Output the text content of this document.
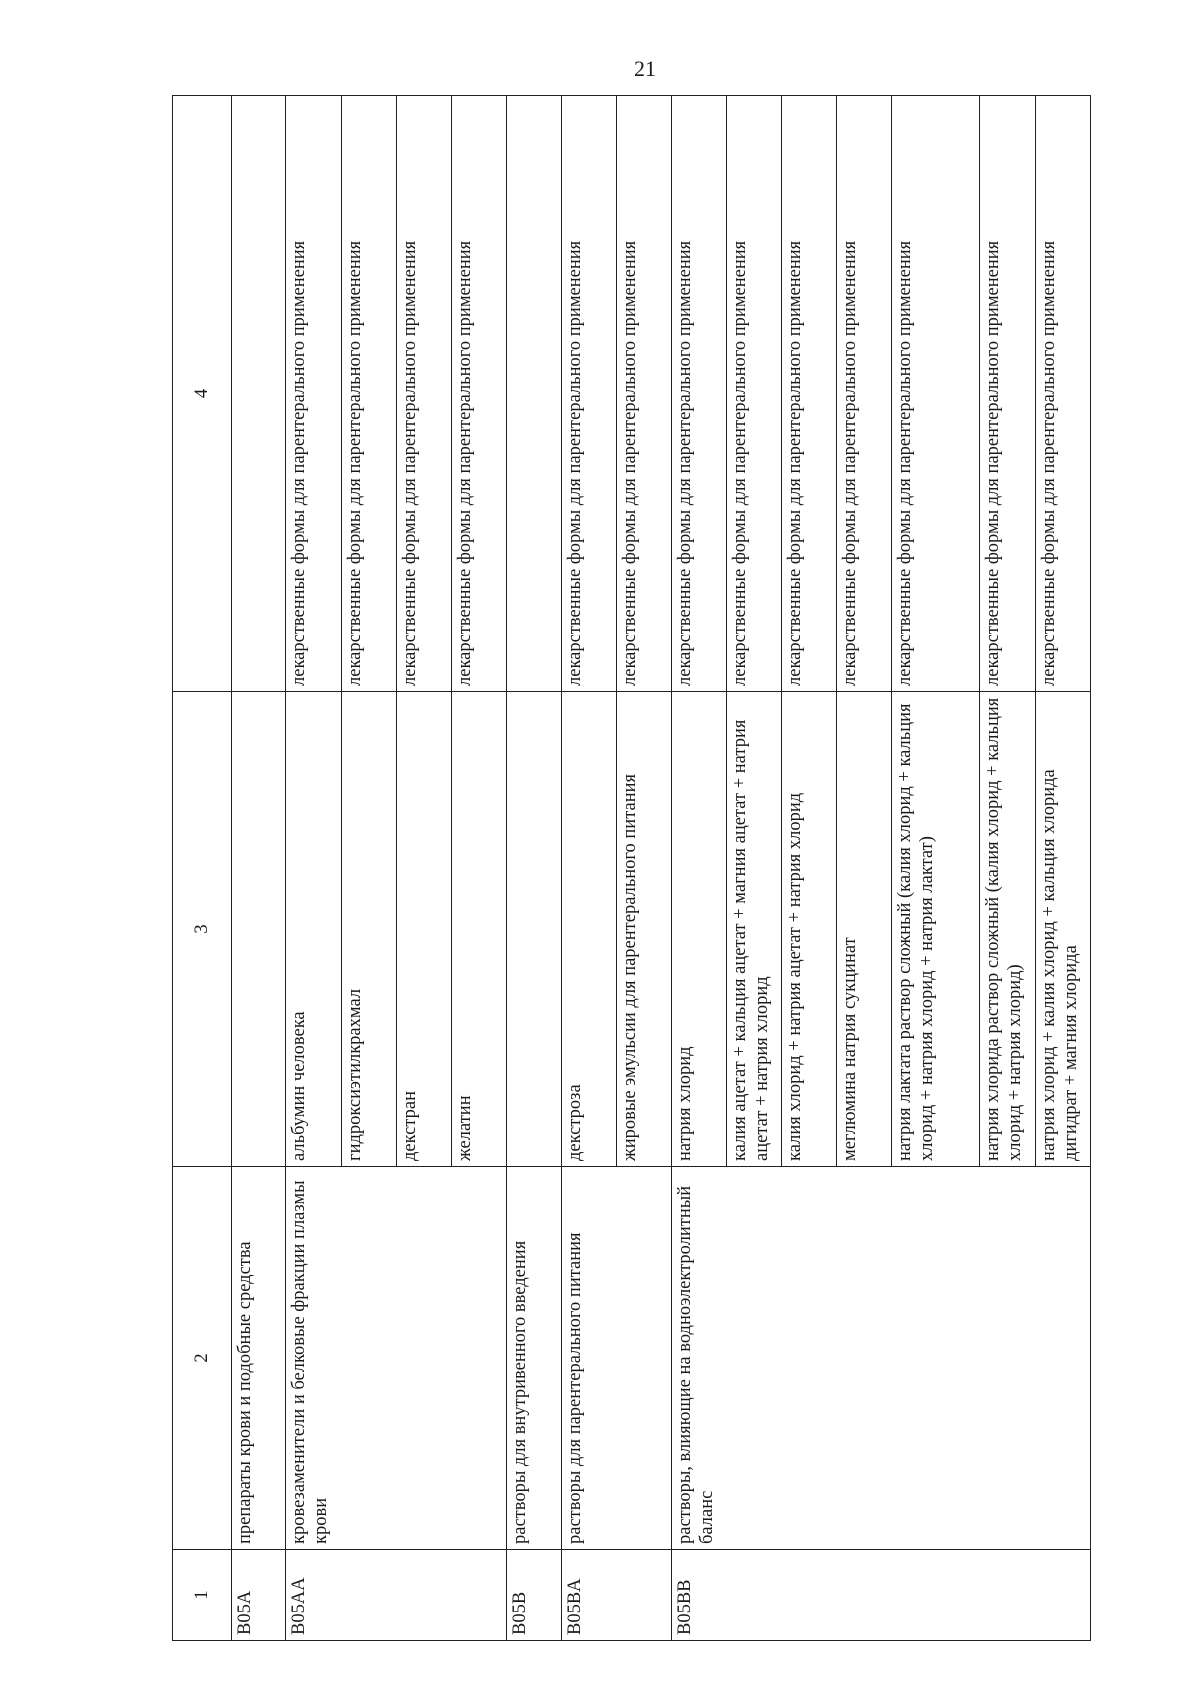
21
1	2	3	4
B05A	препараты крови и подобные средства		
B05AA	кровезаменители и белковые фракции плазмы крови	альбумин человека	лекарственные формы для парентерального применения
		гидроксиэтилкрахмал	лекарственные формы для парентерального применения
		декстран	лекарственные формы для парентерального применения
		желатин	лекарственные формы для парентерального применения
B05B	растворы для внутривенного введения		
B05BA	растворы для парентерального питания	декстроза	лекарственные формы для парентерального применения
		жировые эмульсии для парентерального питания	лекарственные формы для парентерального применения
B05BB	растворы, влияющие на водноэлектролитный баланс	натрия хлорид	лекарственные формы для парентерального применения
		калия ацетат + кальция ацетат + магния ацетат + натрия ацетат + натрия хлорид	лекарственные формы для парентерального применения
		калия хлорид + натрия ацетат + натрия хлорид	лекарственные формы для парентерального применения
		меглюмина натрия сукцинат	лекарственные формы для парентерального применения
		натрия лактата раствор сложный (калия хлорид + кальция хлорид + натрия хлорид + натрия лактат)	лекарственные формы для парентерального применения
		натрия хлорида раствор сложный (калия хлорид + кальция хлорид + натрия хлорид)	лекарственные формы для парентерального применения
		натрия хлорид + калия хлорид + кальция хлорида дигидрат + магния хлорида	лекарственные формы для парентерального применения
